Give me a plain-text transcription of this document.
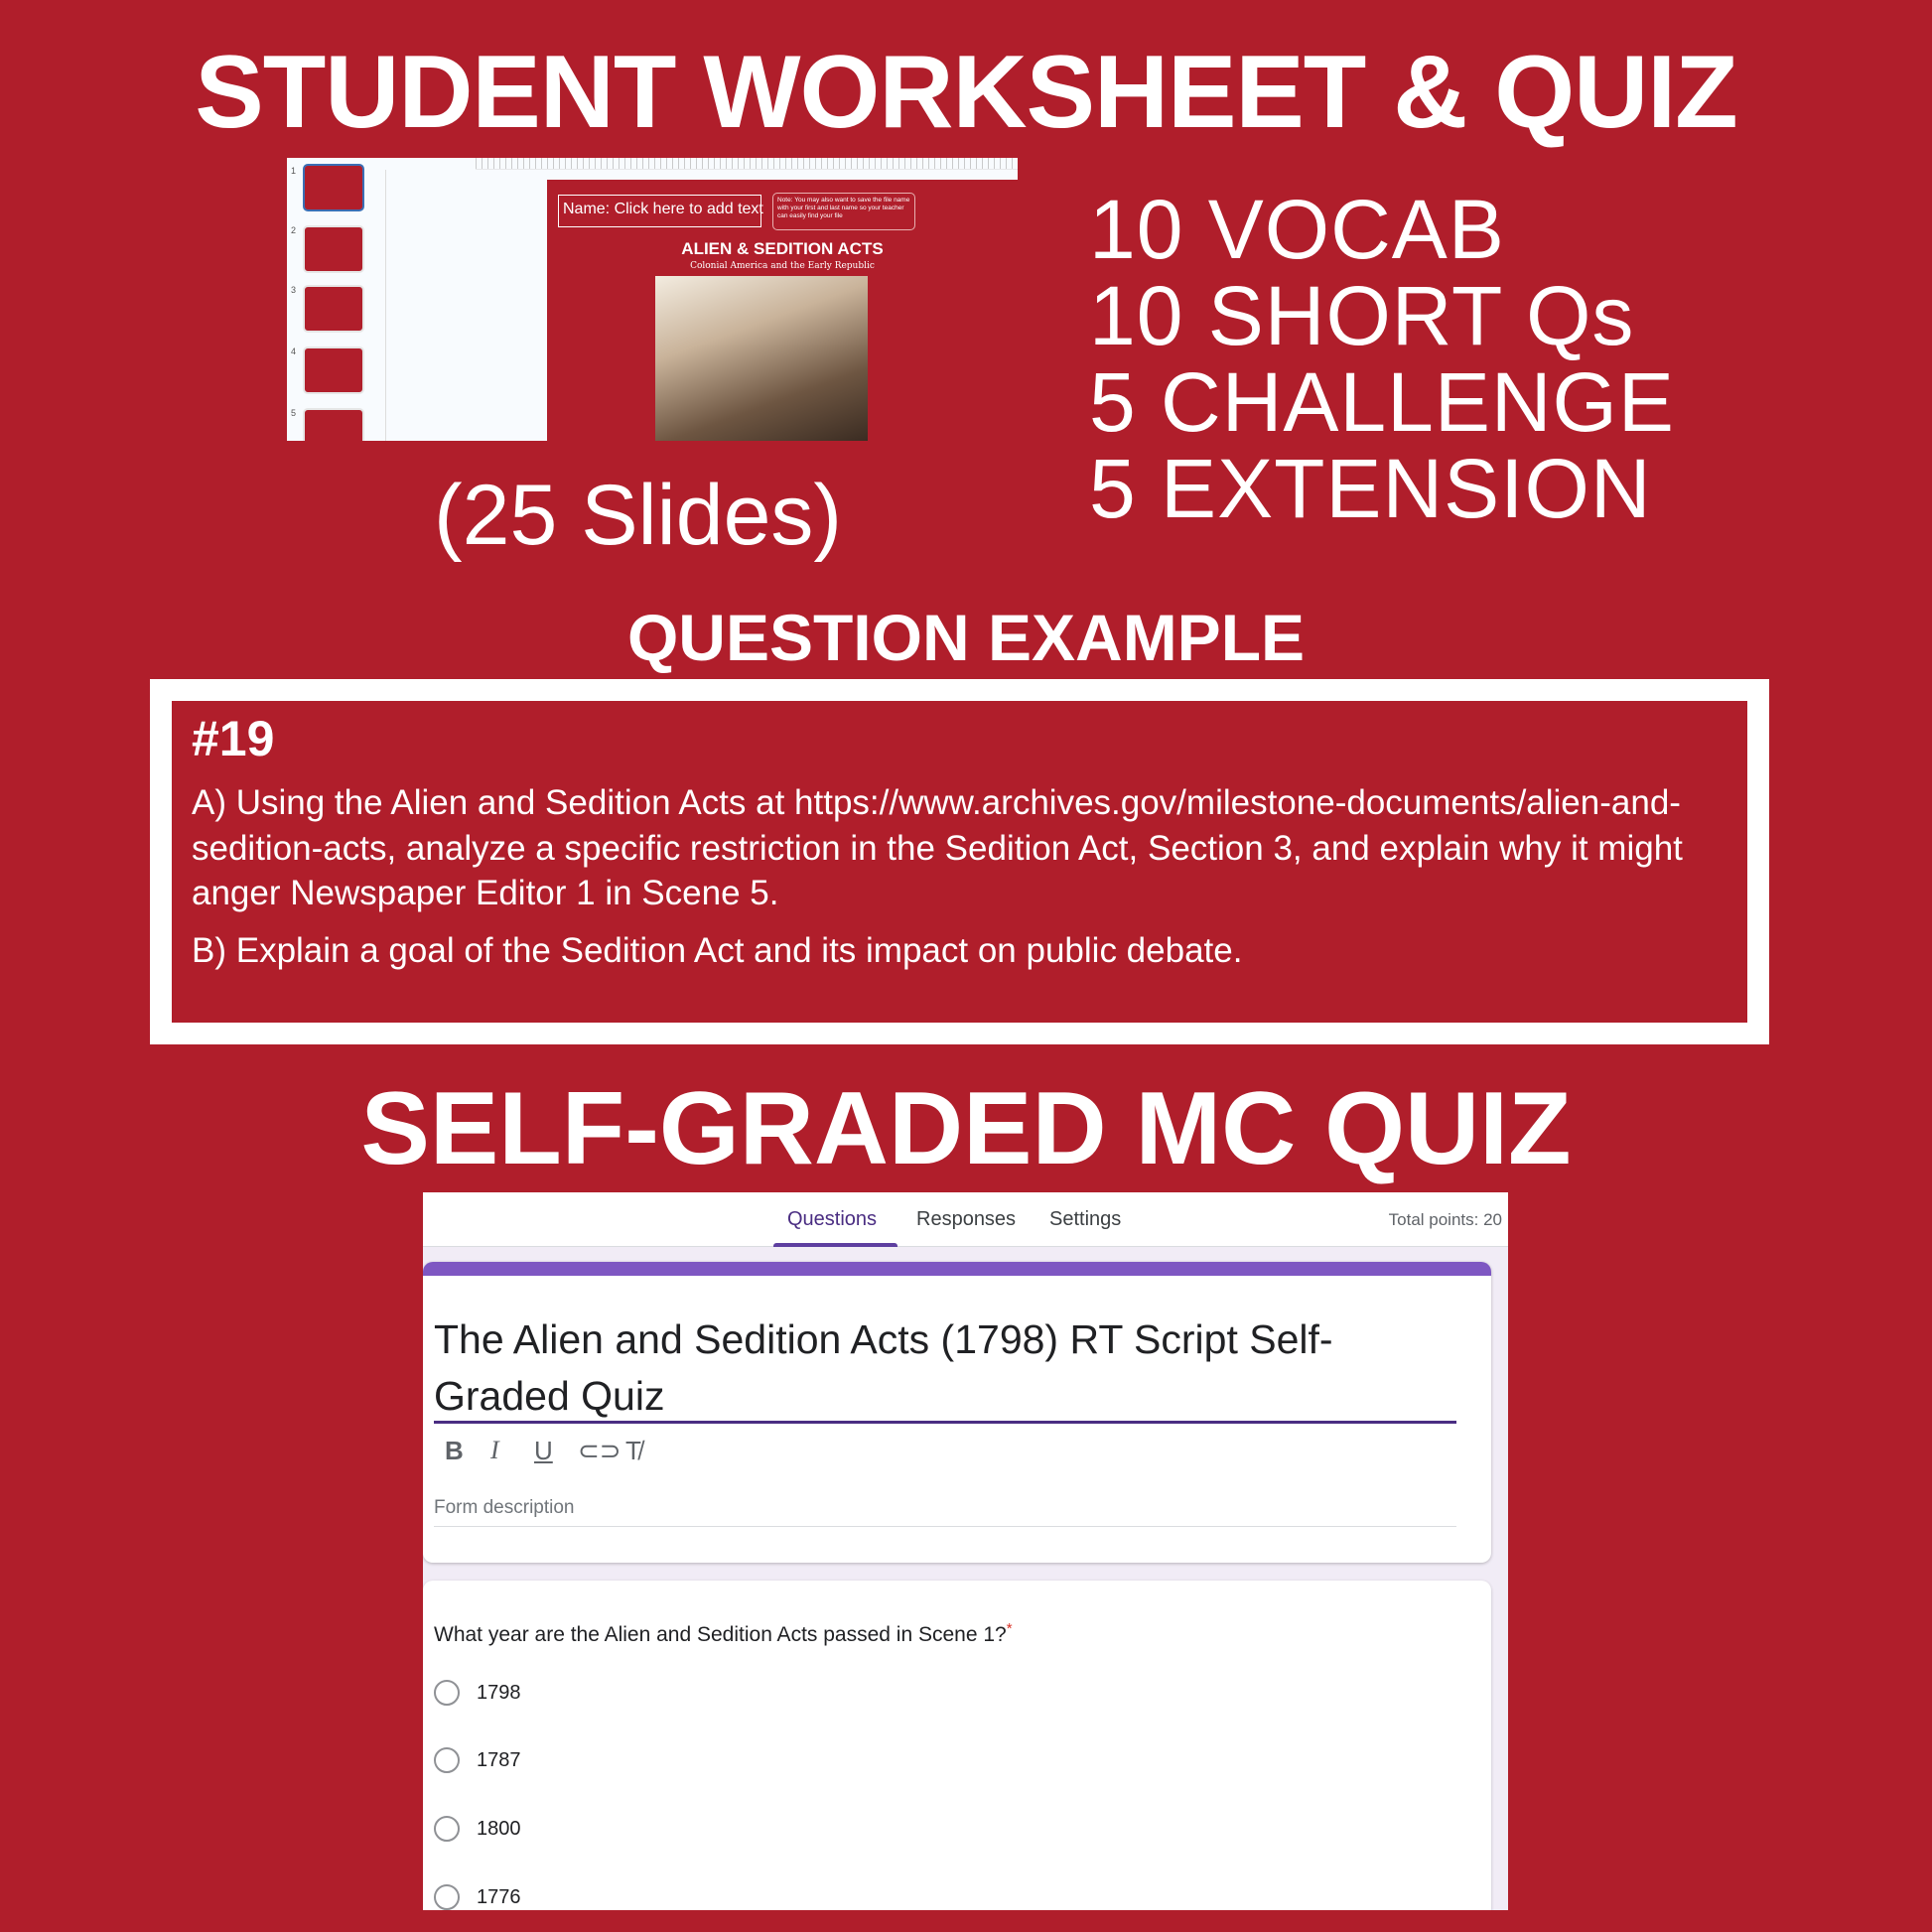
STUDENT WORKSHEET & QUIZ
1
2
3
4
5
Name: Click here to add text
Note: You may also want to save the file name with your first and last name so your teacher can easily find your file
ALIEN & SEDITION ACTS
Colonial America and the Early Republic	10 VOCAB
10 SHORT Qs
5 CHALLENGE
5 EXTENSION
(25 Slides)
QUESTION EXAMPLE
#19
A) Using the Alien and Sedition Acts at https://www.archives.gov/milestone-documents/alien-and-sedition-acts, analyze a specific restriction in the Sedition Act, Section 3, and explain why it might anger Newspaper Editor 1 in Scene 5.
B) Explain a goal of the Sedition Act and its impact on public debate.
SELF-GRADED MC QUIZ
Questions Responses Settings	Total points: 20
The Alien and Sedition Acts (1798) RT Script Self-Graded Quiz
B I U ⊂⊃ T̸
Form description
What year are the Alien and Sedition Acts passed in Scene 1?*
1798
1787
1800
1776
